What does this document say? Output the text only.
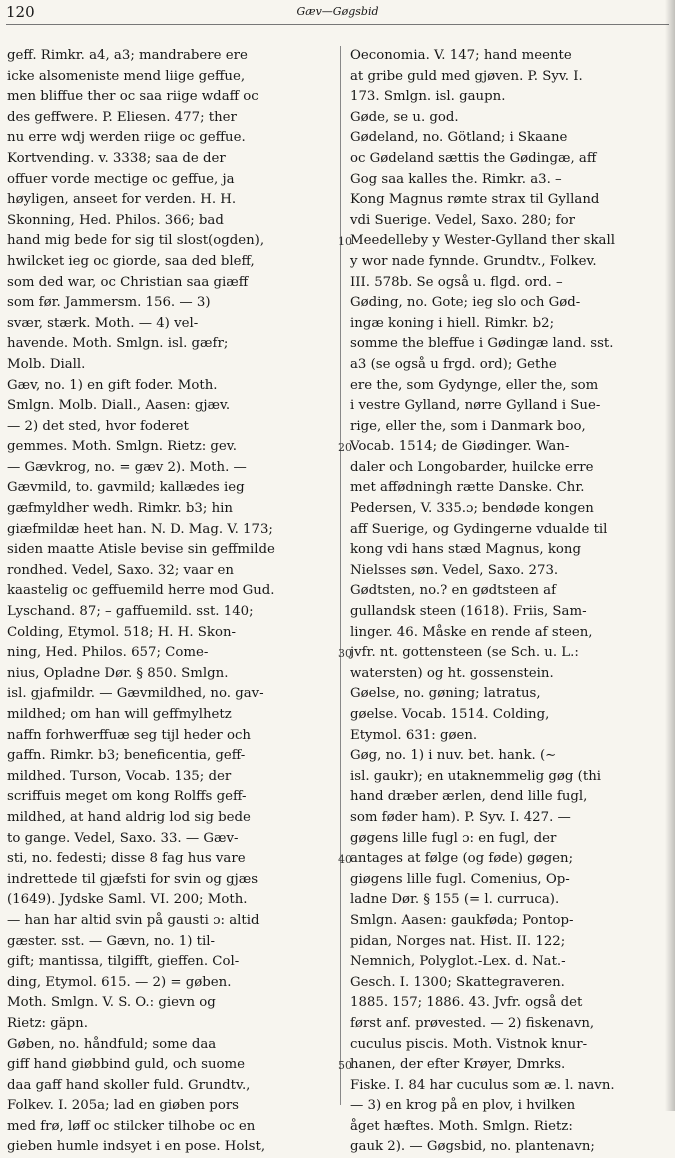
120	Gæv—Gøgsbid
geff. Rimkr. a4, a3; mandrabere ere
icke alsomeniste mend liige geffue,
men bliffue ther oc saa riige wdaff oc
des geffwere. P. Eliesen. 477; ther
nu erre wdj werden riige oc geffue.
Kortvending. v. 3338; saa de der
offuer vorde mectige oc geffue, ja
høyligen, anseet for verden. H. H.
Skonning, Hed. Philos. 366; bad
hand mig bede for sig til slost(ogden),
hwilcket ieg oc giorde, saa ded bleff,
som ded war, oc Christian saa giæff
som før. Jammersm. 156. — 3)
svær, stærk. Moth. — 4) vel-
havende. Moth. Smlgn. isl. gæfr;
Molb. Diall.
Gæv, no. 1) en gift foder. Moth.
Smlgn. Molb. Diall., Aasen: gjæv.
— 2) det sted, hvor foderet
gemmes. Moth. Smlgn. Rietz: gev.
— Gævkrog, no. = gæv 2). Moth. —
Gævmild, to. gavmild; kallædes ieg
gæfmyldher wedh. Rimkr. b3; hin
giæfmildæ heet han. N. D. Mag. V. 173;
siden maatte Atisle bevise sin geffmilde
rondhed. Vedel, Saxo. 32; vaar en
kaastelig oc geffuemild herre mod Gud.
Lyschand. 87; – gaffuemild. sst. 140;
Colding, Etymol. 518; H. H. Skon-
ning, Hed. Philos. 657; Come-
nius, Opladne Dør. § 850. Smlgn.
isl. gjafmildr. — Gævmildhed, no. gav-
mildhed; om han will geffmylhetz
naffn forhwerffuæ seg tijl heder och
gaffn. Rimkr. b3; beneficentia, geff-
mildhed. Turson, Vocab. 135; der
scriffuis meget om kong Rolffs geff-
mildhed, at hand aldrig lod sig bede
to gange. Vedel, Saxo. 33. — Gæv-
sti, no. fedesti; disse 8 fag hus vare
indrettede til gjæfsti for svin og gjæs
(1649). Jydske Saml. VI. 200; Moth.
— han har altid svin på gausti ɔ: altid
gæster. sst. — Gævn, no. 1) til-
gift; mantissa, tilgifft, gieffen. Col-
ding, Etymol. 615. — 2) = gøben.
Moth. Smlgn. V. S. O.: gievn og
Rietz: gäpn.
Gøben, no. håndfuld; some daa
giff hand giøbbind guld, och suome
daa gaff hand skoller fuld. Grundtv.,
Folkev. I. 205a; lad en giøben pors
med frø, løff oc stilcker tilhobe oc en
gieben humle indsyet i en pose. Holst,
Oeconomia. V. 147; hand meente
at gribe guld med gjøven. P. Syv. I.
173. Smlgn. isl. gaupn.
Gøde, se u. god.
Gødeland, no. Götland; i Skaane
oc Gødeland sættis the Gødingæ, aff
Gog saa kalles the. Rimkr. a3. –
Kong Magnus rømte strax til Gylland
vdi Suerige. Vedel, Saxo. 280; for
Meedelleby y Wester-Gylland ther skall
y wor nade fynnde. Grundtv., Folkev.
III. 578b. Se også u. flgd. ord. –
Gøding, no. Gote; ieg slo och Gød-
ingæ koning i hiell. Rimkr. b2;
somme the bleffue i Gødingæ land. sst.
a3 (se også u frgd. ord); Gethe
ere the, som Gydynge, eller the, som
i vestre Gylland, nørre Gylland i Sue-
rige, eller the, som i Danmark boo,
Vocab. 1514; de Giødinger. Wan-
daler och Longobarder, huilcke erre
met affødningh rætte Danske. Chr.
Pedersen, V. 335.ɔ; bendøde kongen
aff Suerige, og Gydingerne vdualde til
kong vdi hans stæd Magnus, kong
Nielsses søn. Vedel, Saxo. 273.
Gødtsten, no.? en gødtsteen af
gullandsk steen (1618). Friis, Sam-
linger. 46. Måske en rende af steen,
jvfr. nt. gottensteen (se Sch. u. L.:
watersten) og ht. gossenstein.
Gøelse, no. gøning; latratus,
gøelse. Vocab. 1514. Colding,
Etymol. 631: gøen.
Gøg, no. 1) i nuv. bet. hank. (∼
isl. gaukr); en utaknemmelig gøg (thi
hand dræber ærlen, dend lille fugl,
som føder ham). P. Syv. I. 427. —
gøgens lille fugl ɔ: en fugl, der
antages at følge (og føde) gøgen;
giøgens lille fugl. Comenius, Op-
ladne Dør. § 155 (= l. curruca).
Smlgn. Aasen: gaukføda; Pontop-
pidan, Norges nat. Hist. II. 122;
Nemnich, Polyglot.-Lex. d. Nat.-
Gesch. I. 1300; Skattegraveren.
1885. 157; 1886. 43. Jvfr. også det
først anf. prøvested. — 2) fiskenavn,
cuculus piscis. Moth. Vistnok knur-
hanen, der efter Krøyer, Dmrks.
Fiske. I. 84 har cuculus som æ. l. navn.
— 3) en krog på en plov, i hvilken
åget hæftes. Moth. Smlgn. Rietz:
gauk 2). — Gøgsbid, no. plantenavn;
10
20
30
40
50
